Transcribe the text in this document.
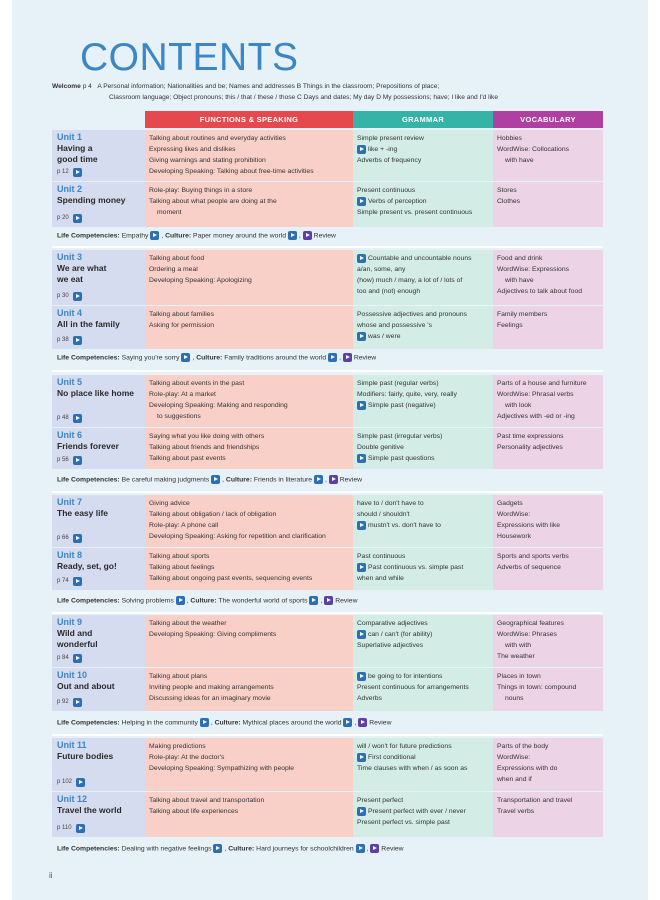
CONTENTS
Welcome p 4 A Personal information; Nationalities and be; Names and addresses B Things in the classroom; Prepositions of place;
Classroom language; Object pronouns; this / that / these / those C Days and dates; My day D My possessions; have; I like and I'd like
FUNCTIONS & SPEAKING	GRAMMAR	VOCABULARY
Unit 1
Having a
good time
p 12
Talking about routines and everyday activities
Expressing likes and dislikes
Giving warnings and stating prohibition
Developing Speaking: Talking about free-time activities
Simple present review
like + -ing
Adverbs of frequency
Hobbies
WordWise: Collocations
with have
Unit 2
Spending money
p 20
Role-play: Buying things in a store
Talking about what people are doing at the
moment
Present continuous
Verbs of perception
Simple present vs. present continuous
Stores
Clothes
Unit 3
We are what
we eat
p 30
Talking about food
Ordering a meal
Developing Speaking: Apologizing
Countable and uncountable nouns
a/an, some, any
(how) much / many, a lot of / lots of
too and (not) enough
Food and drink
WordWise: Expressions
with have
Adjectives to talk about food
Unit 4
All in the family
p 38
Talking about families
Asking for permission
Possessive adjectives and pronouns
whose and possessive 's
was / were
Family members
Feelings
Unit 5
No place like home
p 48
Talking about events in the past
Role-play: At a market
Developing Speaking: Making and responding
to suggestions
Simple past (regular verbs)
Modifiers: fairly, quite, very, really
Simple past (negative)
Parts of a house and furniture
WordWise: Phrasal verbs
with look
Adjectives with -ed or -ing
Unit 6
Friends forever
p 56
Saying what you like doing with others
Talking about friends and friendships
Talking about past events
Simple past (irregular verbs)
Double genitive
Simple past questions
Past time expressions
Personality adjectives
Unit 7
The easy life
p 66
Giving advice
Talking about obligation / lack of obligation
Role-play: A phone call
Developing Speaking: Asking for repetition and clarification
have to / don't have to
should / shouldn't
mustn't vs. don't have to
Gadgets
WordWise:
Expressions with like
Housework
Unit 8
Ready, set, go!
p 74
Talking about sports
Talking about feelings
Talking about ongoing past events, sequencing events
Past continuous
Past continuous vs. simple past
when and while
Sports and sports verbs
Adverbs of sequence
Unit 9
Wild and
wonderful
p 84
Talking about the weather
Developing Speaking: Giving compliments
Comparative adjectives
can / can't (for ability)
Superlative adjectives
Geographical features
WordWise: Phrases
with with
The weather
Unit 10
Out and about
p 92
Talking about plans
Inviting people and making arrangements
Discussing ideas for an imaginary movie
be going to for intentions
Present continuous for arrangements
Adverbs
Places in town
Things in town: compound
nouns
Unit 11
Future bodies
p 102
Making predictions
Role-play: At the doctor's
Developing Speaking: Sympathizing with people
will / won't for future predictions
First conditional
Time clauses with when / as soon as
Parts of the body
WordWise:
Expressions with do
when and if
Unit 12
Travel the world
p 110
Talking about travel and transportation
Talking about life experiences
Present perfect
Present perfect with ever / never
Present perfect vs. simple past
Transportation and travel
Travel verbs
Life Competencies: Empathy , Culture: Paper money around the world , Review
Life Competencies: Saying you're sorry , Culture: Family traditions around the world , Review
Life Competencies: Be careful making judgments , Culture: Friends in literature , Review
Life Competencies: Solving problems , Culture: The wonderful world of sports , Review
Life Competencies: Helping in the community , Culture: Mythical places around the world , Review
Life Competencies: Dealing with negative feelings , Culture: Hard journeys for schoolchildren , Review
ii
